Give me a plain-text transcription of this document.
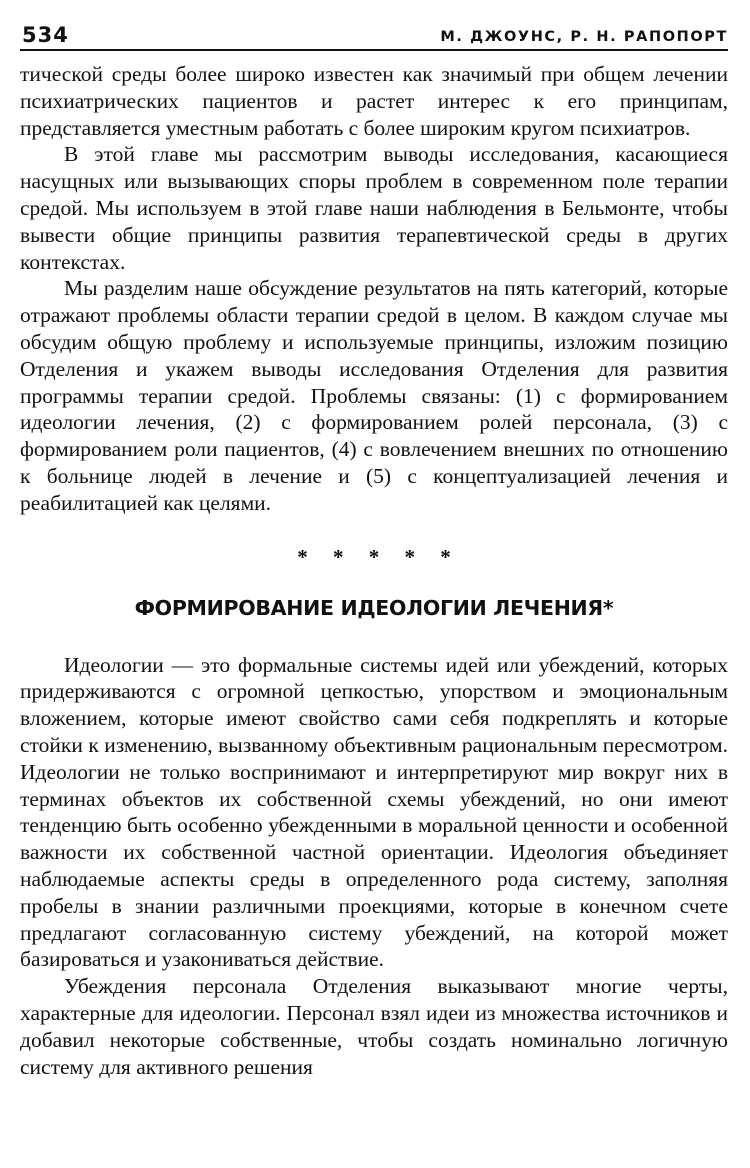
534	М. ДЖОУНС, Р. Н. РАПОПОРТ

тической среды более широко известен как значимый при общем лечении психиатрических пациентов и растет интерес к его принципам, представляется уместным работать с более широким кругом психиатров.

В этой главе мы рассмотрим выводы исследования, касающиеся насущных или вызывающих споры проблем в современном поле терапии средой. Мы используем в этой главе наши наблюдения в Бельмонте, чтобы вывести общие принципы развития терапевтической среды в других контекстах.

Мы разделим наше обсуждение результатов на пять категорий, которые отражают проблемы области терапии средой в целом. В каждом случае мы обсудим общую проблему и используемые принципы, изложим позицию Отделения и укажем выводы исследования Отделения для развития программы терапии средой. Проблемы связаны: (1) с формированием идеологии лечения, (2) с формированием ролей персонала, (3) с формированием роли пациентов, (4) с вовлечением внешних по отношению к больнице людей в лечение и (5) с концептуализацией лечения и реабилитацией как целями.

* * * * *
ФОРМИРОВАНИЕ ИДЕОЛОГИИ ЛЕЧЕНИЯ*

Идеологии — это формальные системы идей или убеждений, которых придерживаются с огромной цепкостью, упорством и эмоциональным вложением, которые имеют свойство сами себя подкреплять и которые стойки к изменению, вызванному объективным рациональным пересмотром. Идеологии не только воспринимают и интерпретируют мир вокруг них в терминах объектов их собственной схемы убеждений, но они имеют тенденцию быть особенно убежденными в моральной ценности и особенной важности их собственной частной ориентации. Идеология объединяет наблюдаемые аспекты среды в определенного рода систему, заполняя пробелы в знании различными проекциями, которые в конечном счете предлагают согласованную систему убеждений, на которой может базироваться и узакониваться действие.

Убеждения персонала Отделения выказывают многие черты, характерные для идеологии. Персонал взял идеи из множества источников и добавил некоторые собственные, чтобы создать номинально логичную систему для активного решения
